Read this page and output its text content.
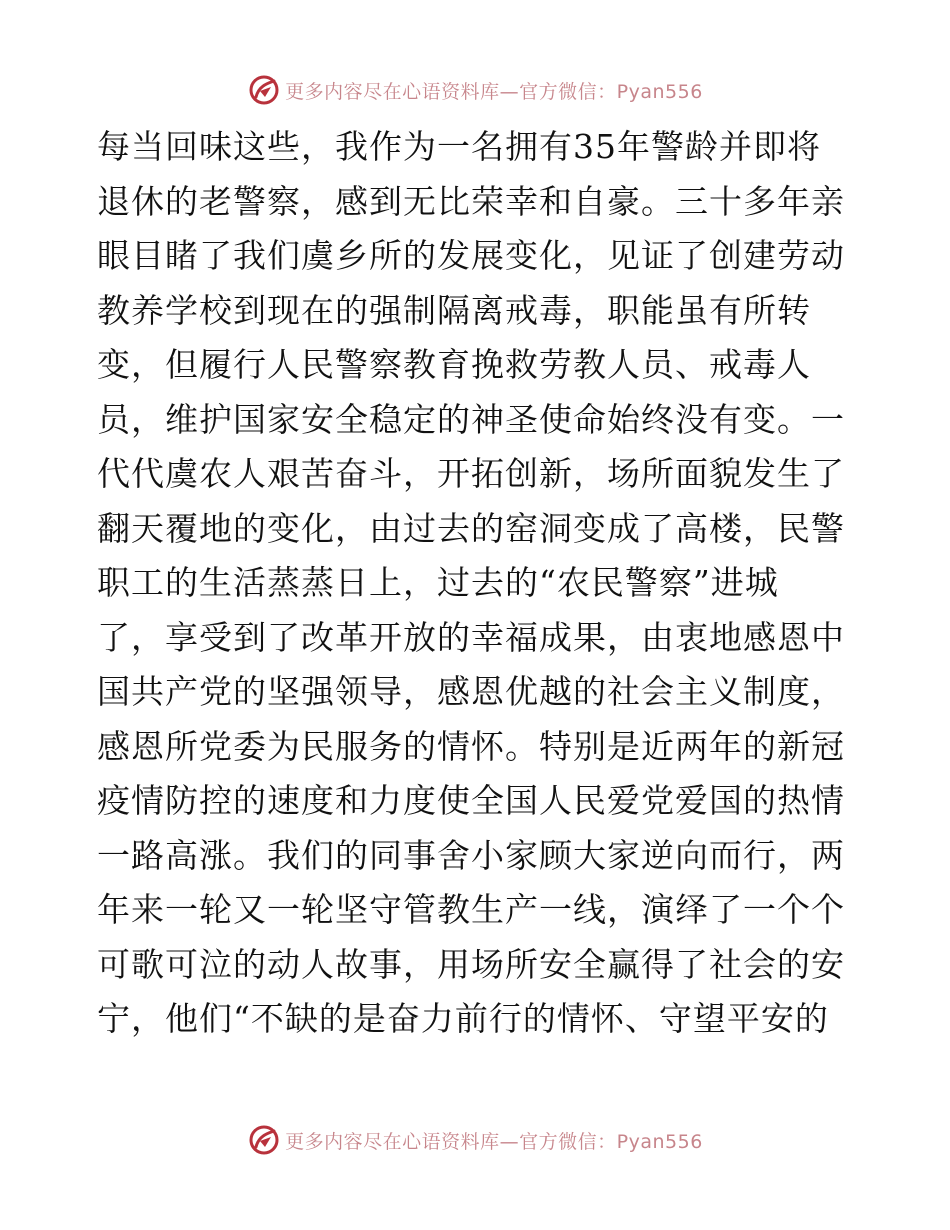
更多内容尽在心语资料库—官方微信：Pyan556
每当回味这些，我作为一名拥有35年警龄并即将
退休的老警察，感到无比荣幸和自豪。三十多年亲
眼目睹了我们虞乡所的发展变化，见证了创建劳动
教养学校到现在的强制隔离戒毒，职能虽有所转
变，但履行人民警察教育挽救劳教人员、戒毒人
员，维护国家安全稳定的神圣使命始终没有变。一
代代虞农人艰苦奋斗，开拓创新，场所面貌发生了
翻天覆地的变化，由过去的窑洞变成了高楼，民警
职工的生活蒸蒸日上，过去的“农民警察”进城
了，享受到了改革开放的幸福成果，由衷地感恩中
国共产党的坚强领导，感恩优越的社会主义制度，
感恩所党委为民服务的情怀。特别是近两年的新冠
疫情防控的速度和力度使全国人民爱党爱国的热情
一路高涨。我们的同事舍小家顾大家逆向而行，两
年来一轮又一轮坚守管教生产一线，演绎了一个个
可歌可泣的动人故事，用场所安全赢得了社会的安
宁，他们“不缺的是奋力前行的情怀、守望平安的
更多内容尽在心语资料库—官方微信：Pyan556
